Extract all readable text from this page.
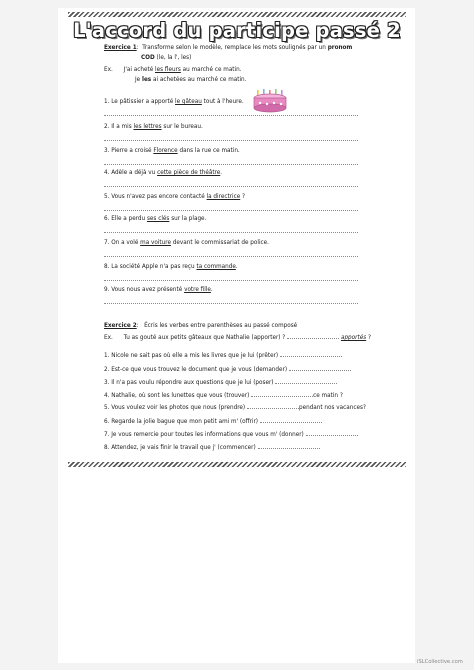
L'accord du participe passé 2
Exercice 1: Transforme selon le modèle, remplace les mots soulignés par un pronom
COD (le, la l', les)
Ex. J'ai acheté les fleurs au marché ce matin.
Je les ai achetées au marché ce matin.
1. Le pâtissier a apporté le gâteau tout à l'heure.
2. Il a mis les lettres sur le bureau.
3. Pierre a croisé Florence dans la rue ce matin.
4. Adèle a déjà vu cette pièce de théâtre.
5. Vous n'avez pas encore contacté la directrice ?
6. Elle a perdu ses clés sur la plage.
7. On a volé ma voiture devant le commissariat de police.
8. La société Apple n'a pas reçu ta commande.
9. Vous nous avez présenté votre fille.
Exercice 2: Écris les verbes entre parenthèses au passé composé
Ex. Tu as gouté aux petits gâteaux que Nathalie (apporter) ?	apportés ?
1. Nicole ne sait pas où elle a mis les livres que je lui (prêter)
2. Est-ce que vous trouvez le document que je vous (demander)
3. Il n'a pas voulu répondre aux questions que je lui (poser)
4. Nathalie, où sont les lunettes que vous (trouver)	ce matin ?
5. Vous voulez voir les photos que nous (prendre)	pendant nos vacances?
6. Regarde la jolie bague que mon petit ami m' (offrir)
7. Je vous remercie pour toutes les informations que vous m' (donner)
8. Attendez, je vais finir le travail que j' (commencer)
iSLCollective.com
